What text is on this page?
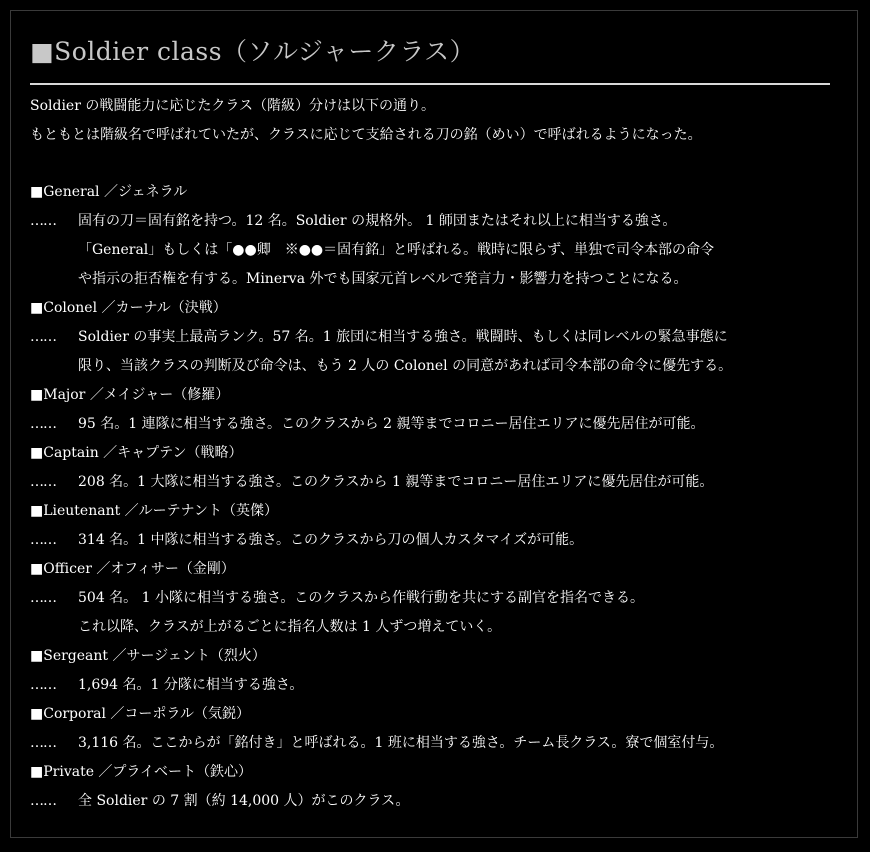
■Soldier class（ソルジャークラス）
Soldier の戦闘能力に応じたクラス（階級）分けは以下の通り。
もともとは階級名で呼ばれていたが、クラスに応じて支給される刀の銘（めい）で呼ばれるようになった。
■General ／ジェネラル
…… 固有の刀＝固有銘を持つ。12 名。Soldier の規格外。 1 師団またはそれ以上に相当する強さ。
「General」もしくは「●●卿　※●●＝固有銘」と呼ばれる。戦時に限らず、単独で司令本部の命令
や指示の拒否権を有する。Minerva 外でも国家元首レベルで発言力・影響力を持つことになる。
■Colonel ／カーナル（決戦）
…… Soldier の事実上最高ランク。57 名。1 旅団に相当する強さ。戦闘時、もしくは同レベルの緊急事態に
限り、当該クラスの判断及び命令は、もう 2 人の Colonel の同意があれば司令本部の命令に優先する。
■Major ／メイジャー（修羅）
…… 95 名。1 連隊に相当する強さ。このクラスから 2 親等までコロニー居住エリアに優先居住が可能。
■Captain ／キャプテン（戦略）
…… 208 名。1 大隊に相当する強さ。このクラスから 1 親等までコロニー居住エリアに優先居住が可能。
■Lieutenant ／ルーテナント（英傑）
…… 314 名。1 中隊に相当する強さ。このクラスから刀の個人カスタマイズが可能。
■Officer ／オフィサー（金剛）
…… 504 名。 1 小隊に相当する強さ。このクラスから作戦行動を共にする副官を指名できる。
これ以降、クラスが上がるごとに指名人数は 1 人ずつ増えていく。
■Sergeant ／サージェント（烈火）
…… 1,694 名。1 分隊に相当する強さ。
■Corporal ／コーポラル（気鋭）
…… 3,116 名。ここからが「銘付き」と呼ばれる。1 班に相当する強さ。チーム長クラス。寮で個室付与。
■Private ／プライベート（鉄心）
…… 全 Soldier の 7 割（約 14,000 人）がこのクラス。
